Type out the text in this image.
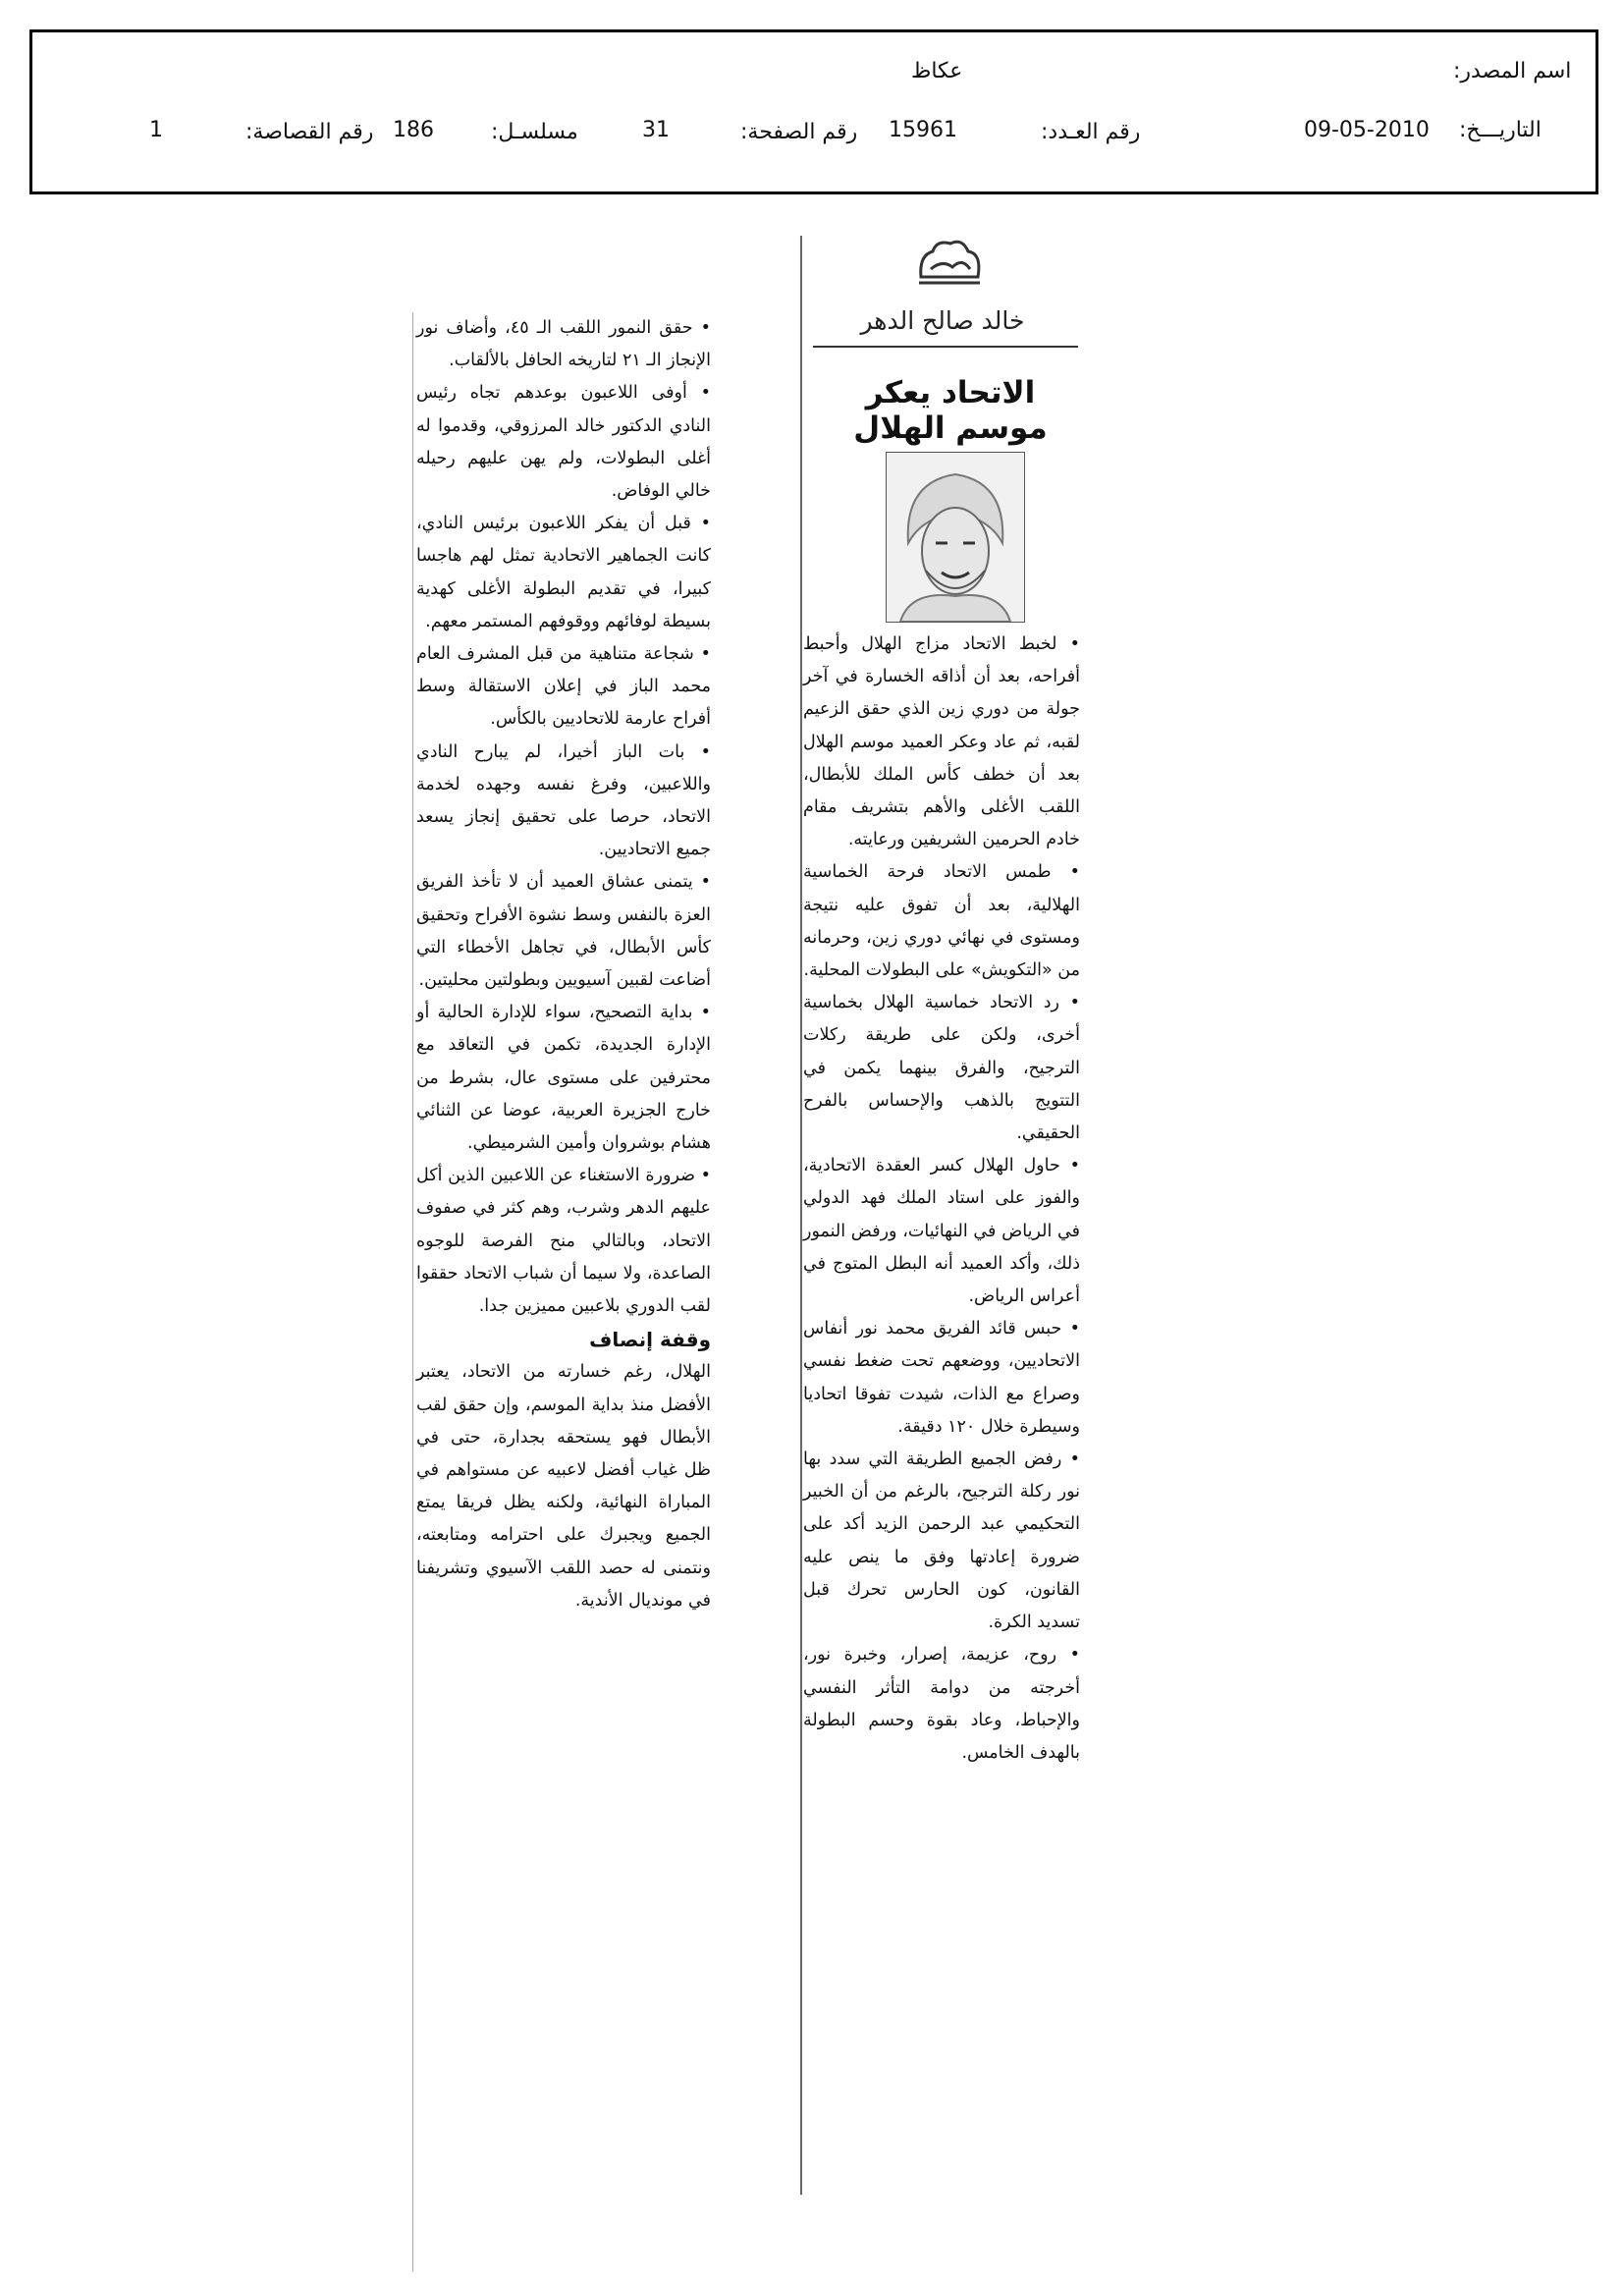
اسم المصدر:
عكاظ
التاريـــخ:
09-05-2010
رقم العـدد:
15961
رقم الصفحة:
31
مسلسـل:
186
رقم القصاصة:
1
خالد صالح الدهر
الاتحاد يعكر موسم الهلال

• لخبط الاتحاد مزاج الهلال وأحبط أفراحه، بعد أن أذاقه الخسارة في آخر جولة من دوري زين الذي حقق الزعيم لقبه، ثم عاد وعكر العميد موسم الهلال بعد أن خطف كأس الملك للأبطال، اللقب الأغلى والأهم بتشريف مقام خادم الحرمين الشريفين ورعايته.

• طمس الاتحاد فرحة الخماسية الهلالية، بعد أن تفوق عليه نتيجة ومستوى في نهائي دوري زين، وحرمانه من «التكويش» على البطولات المحلية.

• رد الاتحاد خماسية الهلال بخماسية أخرى، ولكن على طريقة ركلات الترجيح، والفرق بينهما يكمن في التتويج بالذهب والإحساس بالفرح الحقيقي.

• حاول الهلال كسر العقدة الاتحادية، والفوز على استاد الملك فهد الدولي في الرياض في النهائيات، ورفض النمور ذلك، وأكد العميد أنه البطل المتوج في أعراس الرياض.

• حبس قائد الفريق محمد نور أنفاس الاتحاديين، ووضعهم تحت ضغط نفسي وصراع مع الذات، شيدت تفوقا اتحاديا وسيطرة خلال ١٢٠ دقيقة.

• رفض الجميع الطريقة التي سدد بها نور ركلة الترجيح، بالرغم من أن الخبير التحكيمي عبد الرحمن الزيد أكد على ضرورة إعادتها وفق ما ينص عليه القانون، كون الحارس تحرك قبل تسديد الكرة.

• روح، عزيمة، إصرار، وخبرة نور، أخرجته من دوامة التأثر النفسي والإحباط، وعاد بقوة وحسم البطولة بالهدف الخامس.

• حقق النمور اللقب الـ ٤٥، وأضاف نور الإنجاز الـ ٢١ لتاريخه الحافل بالألقاب.

• أوفى اللاعبون بوعدهم تجاه رئيس النادي الدكتور خالد المرزوقي، وقدموا له أغلى البطولات، ولم يهن عليهم رحيله خالي الوفاض.

• قبل أن يفكر اللاعبون برئيس النادي، كانت الجماهير الاتحادية تمثل لهم هاجسا كبيرا، في تقديم البطولة الأغلى كهدية بسيطة لوفائهم ووقوفهم المستمر معهم.

• شجاعة متناهية من قبل المشرف العام محمد الباز في إعلان الاستقالة وسط أفراح عارمة للاتحاديين بالكأس.

• بات الباز أخيرا، لم يبارح النادي واللاعبين، وفرغ نفسه وجهده لخدمة الاتحاد، حرصا على تحقيق إنجاز يسعد جميع الاتحاديين.

• يتمنى عشاق العميد أن لا تأخذ الفريق العزة بالنفس وسط نشوة الأفراح وتحقيق كأس الأبطال، في تجاهل الأخطاء التي أضاعت لقبين آسيويين وبطولتين محليتين.

• بداية التصحيح، سواء للإدارة الحالية أو الإدارة الجديدة، تكمن في التعاقد مع محترفين على مستوى عال، بشرط من خارج الجزيرة العربية، عوضا عن الثنائي هشام بوشروان وأمين الشرميطي.

• ضرورة الاستغناء عن اللاعبين الذين أكل عليهم الدهر وشرب، وهم كثر في صفوف الاتحاد، وبالتالي منح الفرصة للوجوه الصاعدة، ولا سيما أن شباب الاتحاد حققوا لقب الدوري بلاعبين مميزين جدا.

وقفة إنصاف

الهلال، رغم خسارته من الاتحاد، يعتبر الأفضل منذ بداية الموسم، وإن حقق لقب الأبطال فهو يستحقه بجدارة، حتى في ظل غياب أفضل لاعبيه عن مستواهم في المباراة النهائية، ولكنه يظل فريقا يمتع الجميع ويجبرك على احترامه ومتابعته، ونتمنى له حصد اللقب الآسيوي وتشريفنا في مونديال الأندية.
